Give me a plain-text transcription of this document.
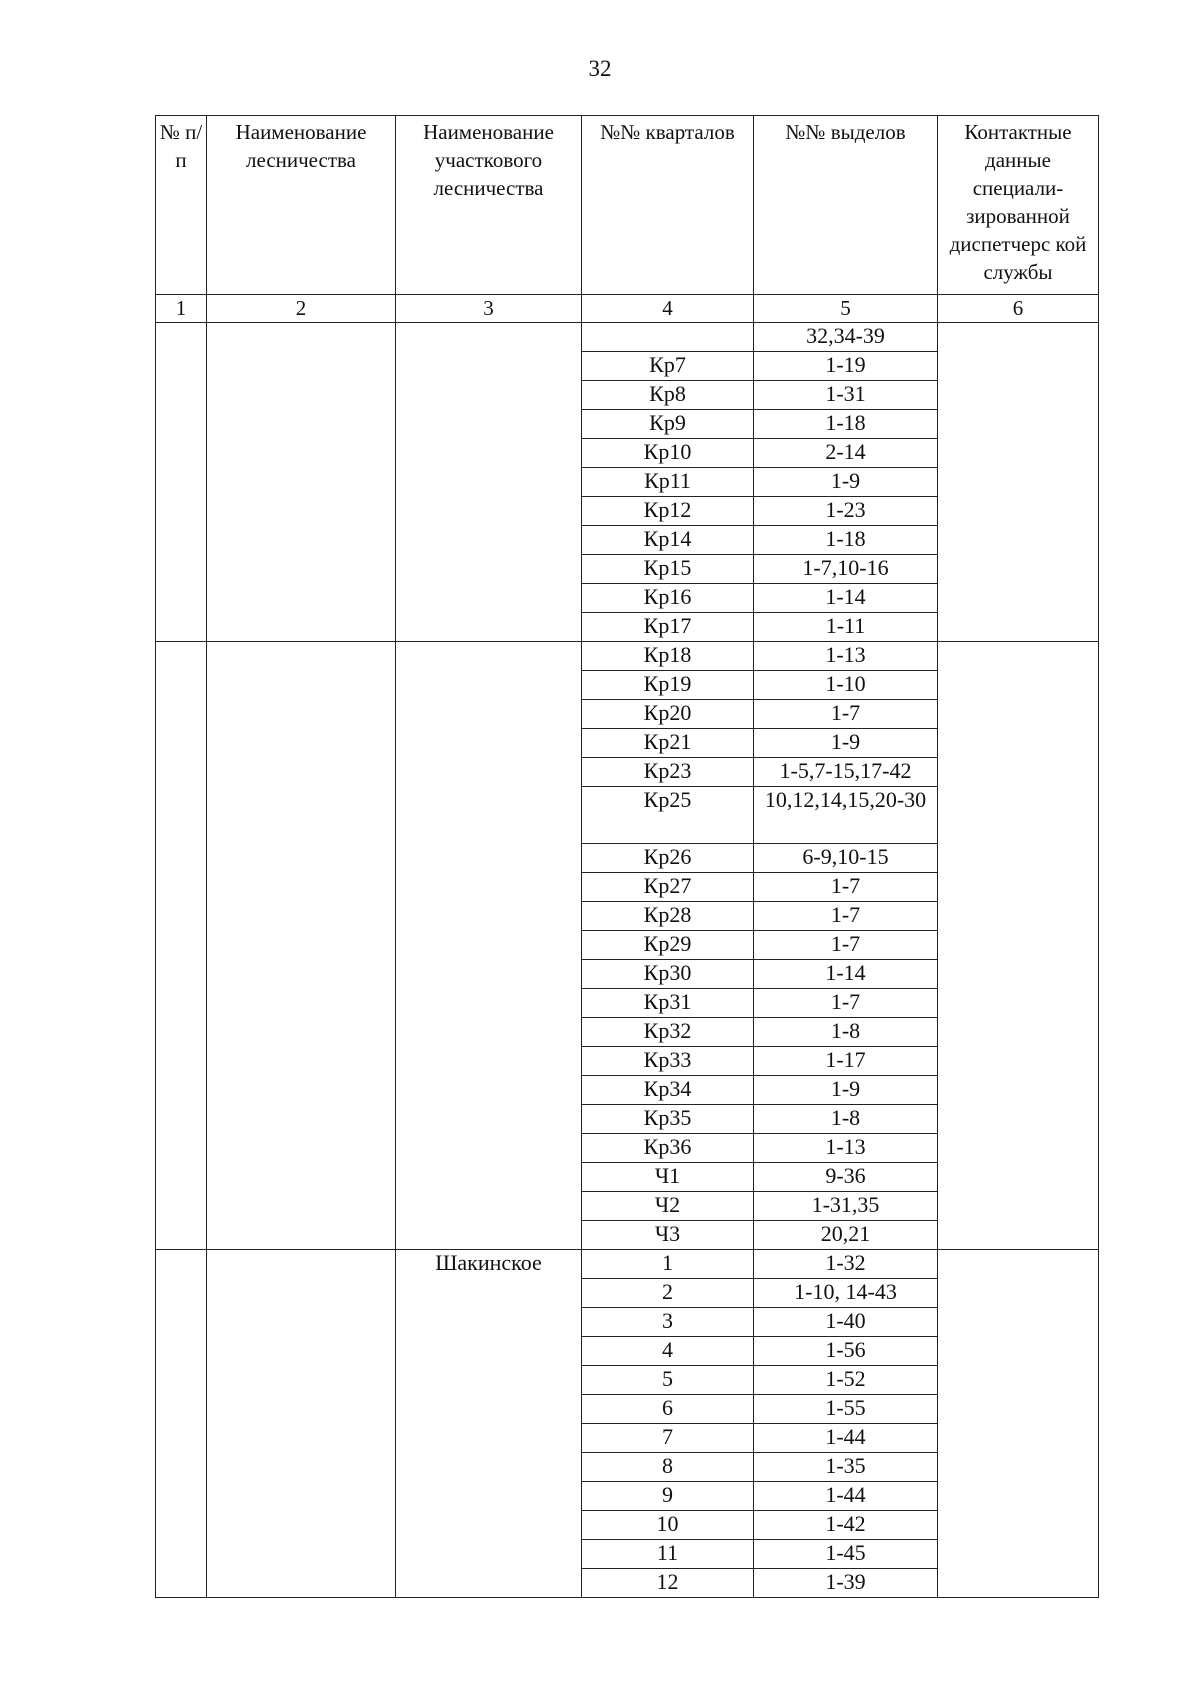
32
№ п/п	Наименование лесничества	Наименование участкового лесничества	№№ кварталов	№№ выделов	Контактные данные специали-зированной диспетчерс кой службы
1	2	3	4	5	6
				32,34-39	
			Кр7	1-19	
			Кр8	1-31	
			Кр9	1-18	
			Кр10	2-14	
			Кр11	1-9	
			Кр12	1-23	
			Кр14	1-18	
			Кр15	1-7,10-16	
			Кр16	1-14	
			Кр17	1-11	
			Кр18	1-13	
			Кр19	1-10	
			Кр20	1-7	
			Кр21	1-9	
			Кр23	1-5,7-15,17-42	
			Кр25	10,12,14,15,20-30	
			Кр26	6-9,10-15	
			Кр27	1-7	
			Кр28	1-7	
			Кр29	1-7	
			Кр30	1-14	
			Кр31	1-7	
			Кр32	1-8	
			Кр33	1-17	
			Кр34	1-9	
			Кр35	1-8	
			Кр36	1-13	
			Ч1	9-36	
			Ч2	1-31,35	
			Ч3	20,21	
		Шакинское	1	1-32	
			2	1-10, 14-43	
			3	1-40	
			4	1-56	
			5	1-52	
			6	1-55	
			7	1-44	
			8	1-35	
			9	1-44	
			10	1-42	
			11	1-45	
			12	1-39	
